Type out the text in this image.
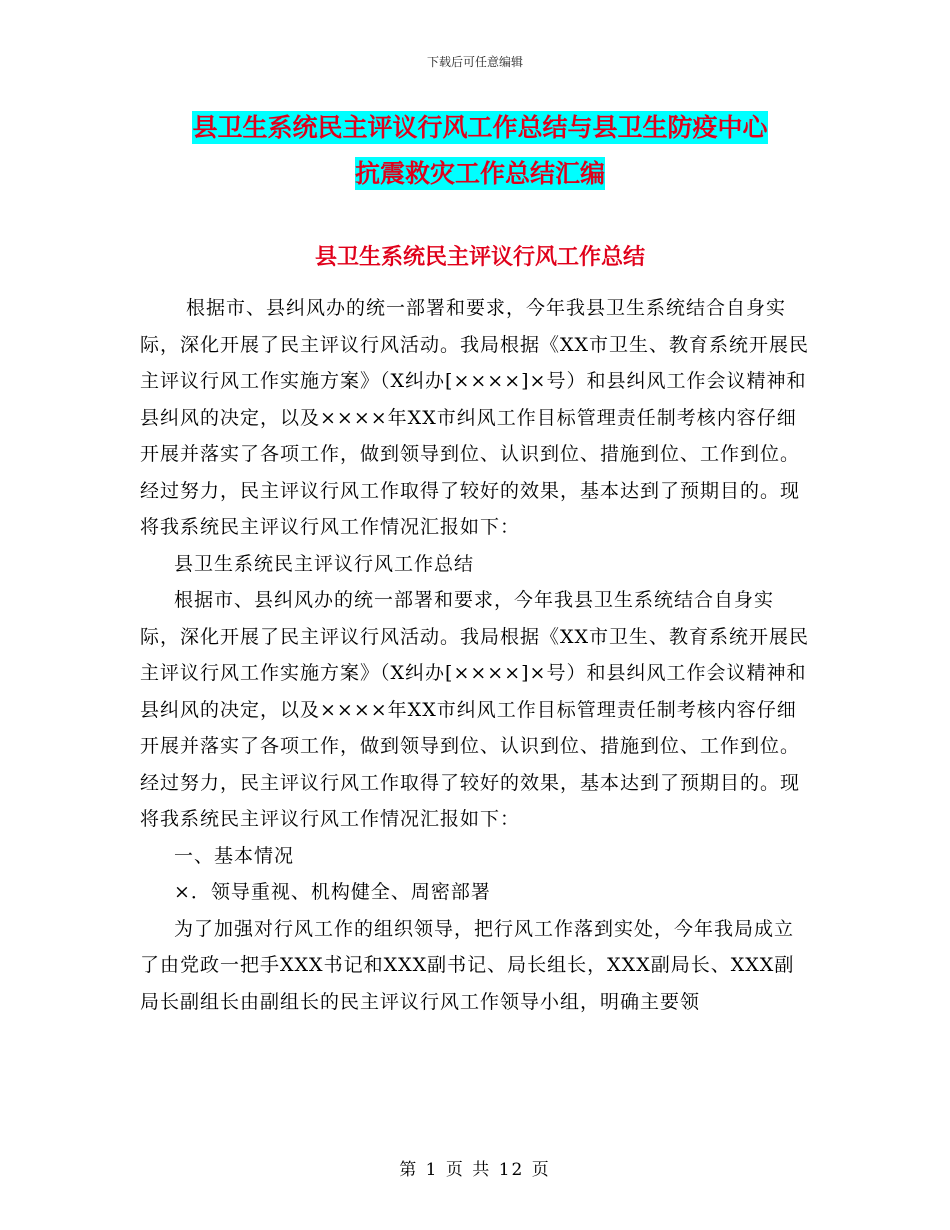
下载后可任意编辑
县卫生系统民主评议行风工作总结与县卫生防疫中心
抗震救灾工作总结汇编
县卫生系统民主评议行风工作总结

根据市、县纠风办的统一部署和要求，今年我县卫生系统结合自身实际，深化开展了民主评议行风活动。我局根据《XX市卫生、教育系统开展民主评议行风工作实施方案》（X纠办[××××]×号）和县纠风工作会议精神和县纠风的决定，以及××××年XX市纠风工作目标管理责任制考核内容仔细开展并落实了各项工作，做到领导到位、认识到位、措施到位、工作到位。经过努力，民主评议行风工作取得了较好的效果，基本达到了预期目的。现将我系统民主评议行风工作情况汇报如下：

县卫生系统民主评议行风工作总结

根据市、县纠风办的统一部署和要求，今年我县卫生系统结合自身实际，深化开展了民主评议行风活动。我局根据《XX市卫生、教育系统开展民主评议行风工作实施方案》（X纠办[××××]×号）和县纠风工作会议精神和县纠风的决定，以及××××年XX市纠风工作目标管理责任制考核内容仔细开展并落实了各项工作，做到领导到位、认识到位、措施到位、工作到位。经过努力，民主评议行风工作取得了较好的效果，基本达到了预期目的。现将我系统民主评议行风工作情况汇报如下：

一、基本情况

×．领导重视、机构健全、周密部署

为了加强对行风工作的组织领导，把行风工作落到实处，今年我局成立了由党政一把手XXX书记和XXX副书记、局长组长，XXX副局长、XXX副局长副组长由副组长的民主评议行风工作领导小组，明确主要领

第 1 页 共 12 页
